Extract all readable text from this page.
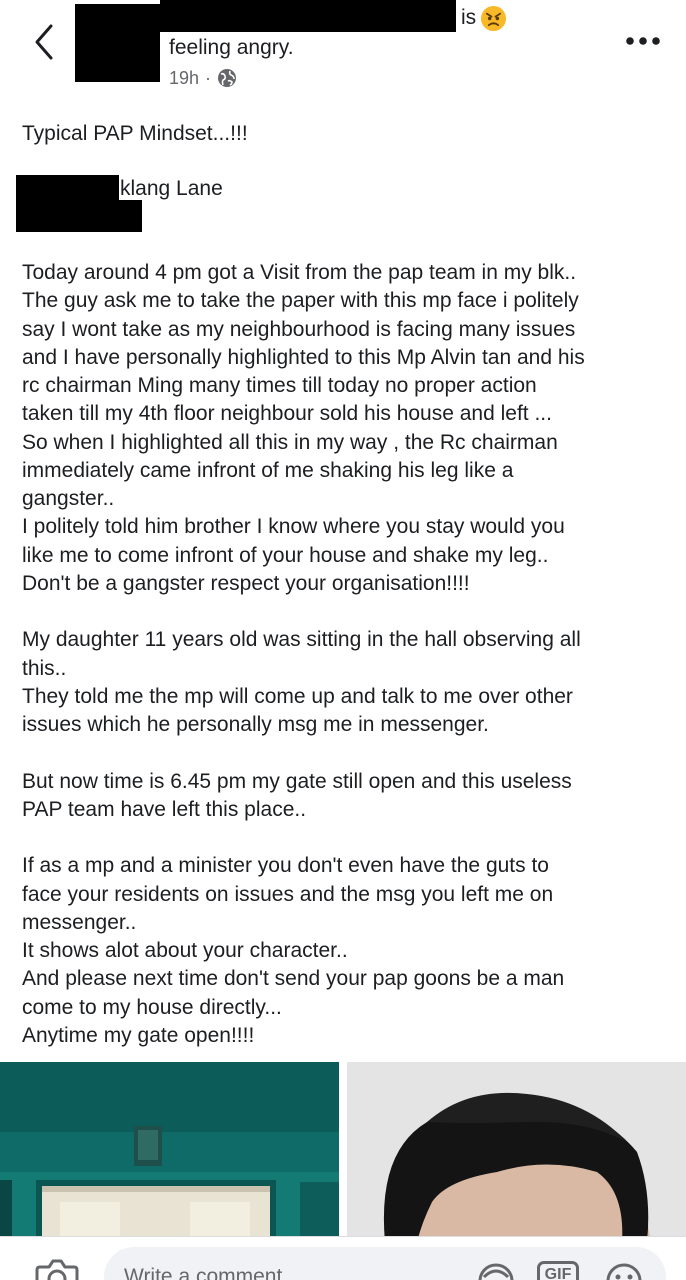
is
feeling angry.
19h ·
Typical PAP Mindset...!!!
klang Lane

Today around 4 pm got a Visit from the pap team in my blk..
The guy ask me to take the paper with this mp face i politely
say I wont take as my neighbourhood is facing many issues
and I have personally highlighted to this Mp Alvin tan and his
rc chairman Ming many times till today no proper action
taken till my 4th floor neighbour sold his house and left ...
So when I highlighted all this in my way , the Rc chairman
immediately came infront of me shaking his leg like a
gangster..
I politely told him brother I know where you stay would you
like me to come infront of your house and shake my leg..
Don't be a gangster respect your organisation!!!!

My daughter 11 years old was sitting in the hall observing all
this..
They told me the mp will come up and talk to me over other
issues which he personally msg me in messenger.

But now time is 6.45 pm my gate still open and this useless
PAP team have left this place..

If as a mp and a minister you don't even have the guts to
face your residents on issues and the msg you left me on
messenger..
It shows alot about your character..
And please next time don't send your pap goons be a man
come to my house directly...
Anytime my gate open!!!!

Write a comment...
GIF
